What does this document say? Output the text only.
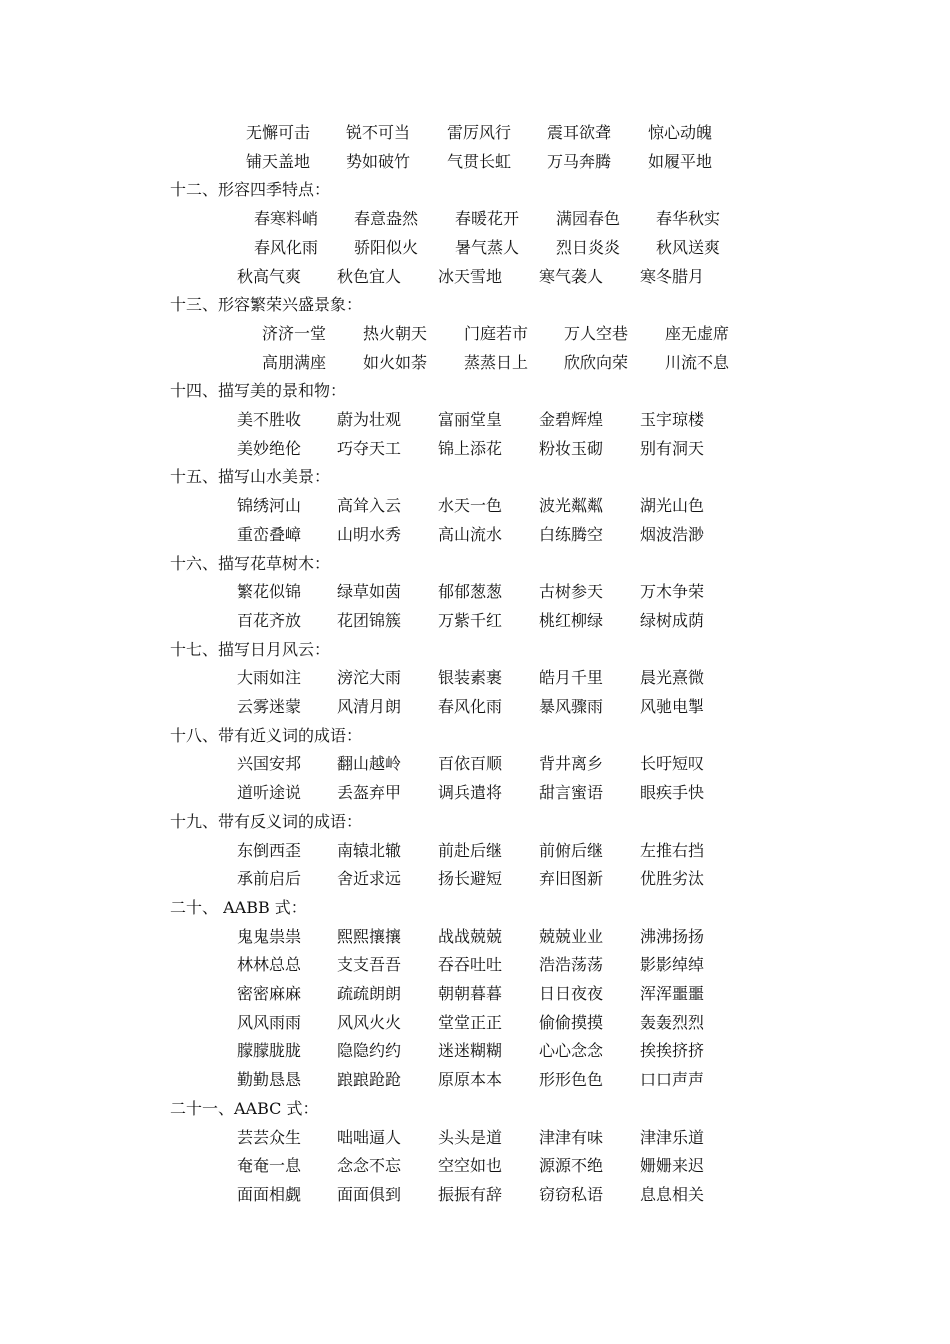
无懈可击 锐不可当 雷厉风行 震耳欲聋 惊心动魄
铺天盖地 势如破竹 气贯长虹 万马奔腾 如履平地
十二、形容四季特点：
春寒料峭 春意盎然 春暖花开 满园春色 春华秋实
春风化雨 骄阳似火 暑气蒸人 烈日炎炎 秋风送爽
秋高气爽 秋色宜人 冰天雪地 寒气袭人 寒冬腊月
十三、形容繁荣兴盛景象：
济济一堂 热火朝天 门庭若市 万人空巷 座无虚席
高朋满座 如火如荼 蒸蒸日上 欣欣向荣 川流不息
十四、描写美的景和物：
美不胜收 蔚为壮观 富丽堂皇 金碧辉煌 玉宇琼楼
美妙绝伦 巧夺天工 锦上添花 粉妆玉砌 别有洞天
十五、描写山水美景：
锦绣河山 高耸入云 水天一色 波光粼粼 湖光山色
重峦叠嶂 山明水秀 高山流水 白练腾空 烟波浩渺
十六、描写花草树木：
繁花似锦 绿草如茵 郁郁葱葱 古树参天 万木争荣
百花齐放 花团锦簇 万紫千红 桃红柳绿 绿树成荫
十七、描写日月风云：
大雨如注 滂沱大雨 银装素裹 皓月千里 晨光熹微
云雾迷蒙 风清月朗 春风化雨 暴风骤雨 风驰电掣
十八、带有近义词的成语：
兴国安邦 翻山越岭 百依百顺 背井离乡 长吁短叹
道听途说 丢盔弃甲 调兵遣将 甜言蜜语 眼疾手快
十九、带有反义词的成语：
东倒西歪 南辕北辙 前赴后继 前俯后继 左推右挡
承前启后 舍近求远 扬长避短 弃旧图新 优胜劣汰
二十、 AABB 式：
鬼鬼祟祟 熙熙攘攘 战战兢兢 兢兢业业 沸沸扬扬
林林总总 支支吾吾 吞吞吐吐 浩浩荡荡 影影绰绰
密密麻麻 疏疏朗朗 朝朝暮暮 日日夜夜 浑浑噩噩
风风雨雨 风风火火 堂堂正正 偷偷摸摸 轰轰烈烈
朦朦胧胧 隐隐约约 迷迷糊糊 心心念念 挨挨挤挤
勤勤恳恳 踉踉跄跄 原原本本 形形色色 口口声声
二十一、AABC 式：
芸芸众生 咄咄逼人 头头是道 津津有味 津津乐道
奄奄一息 念念不忘 空空如也 源源不绝 姗姗来迟
面面相觑 面面俱到 振振有辞 窃窃私语 息息相关
